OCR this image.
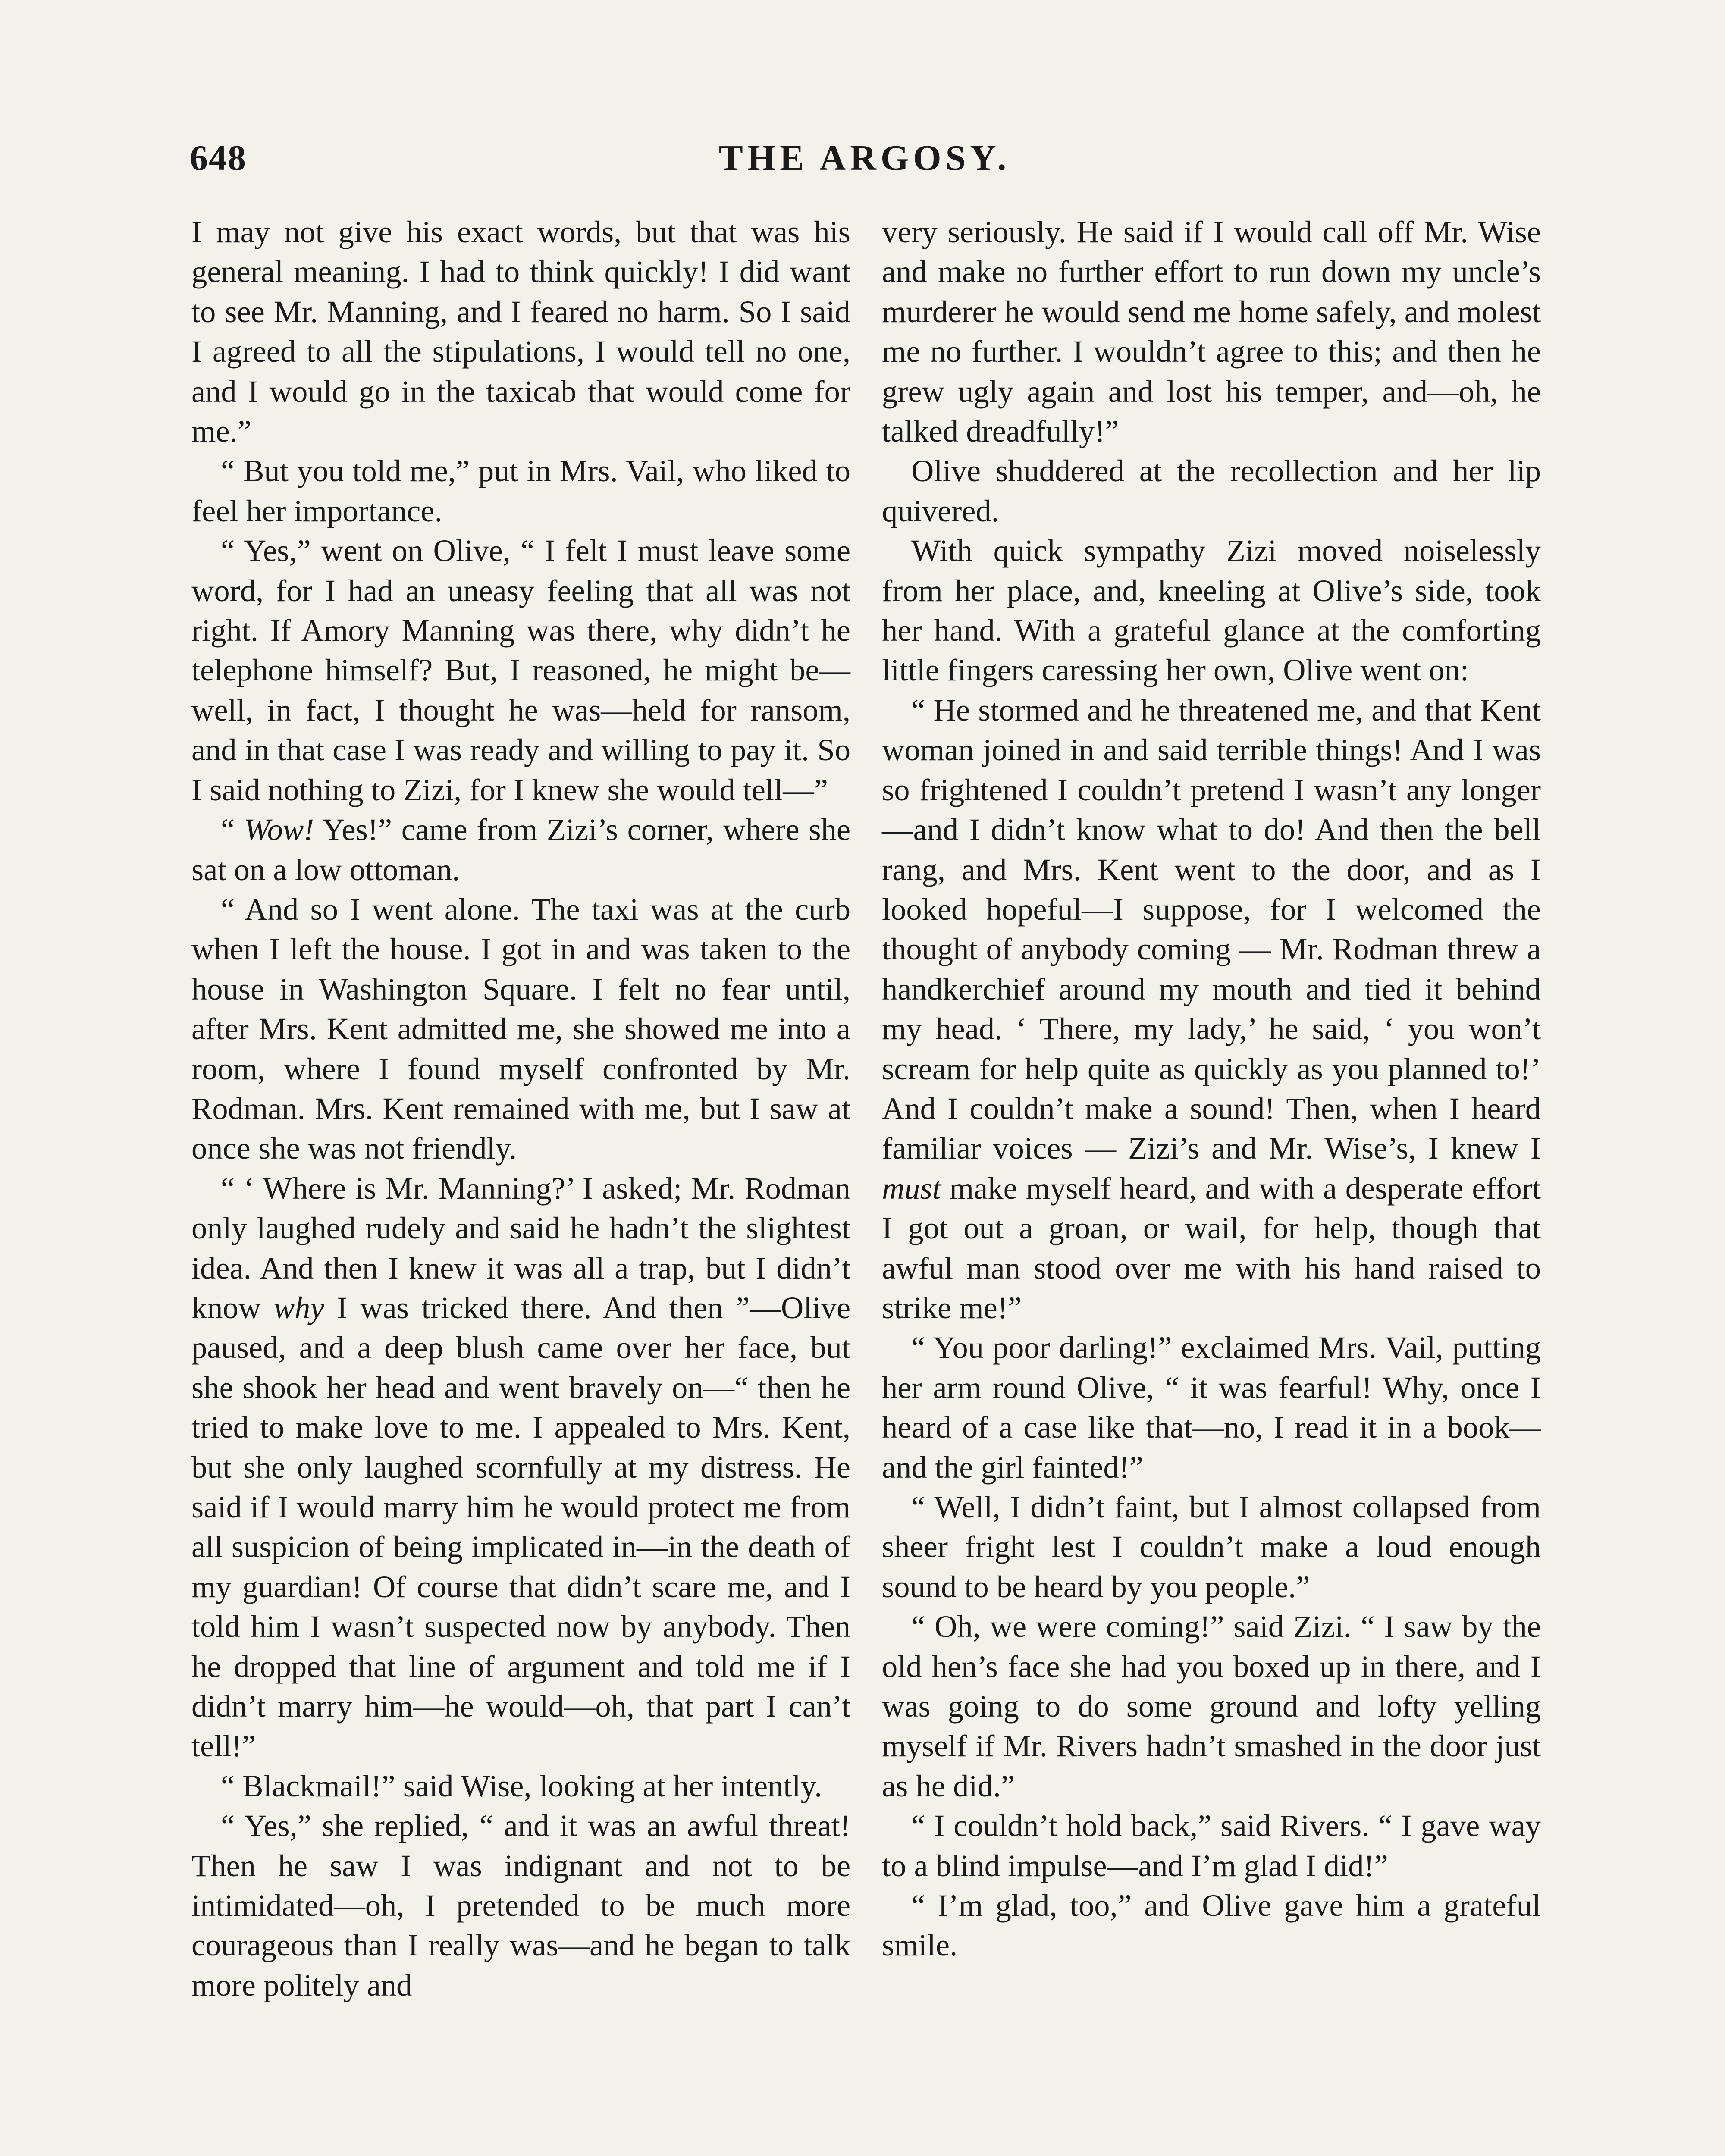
648	THE ARGOSY.

I may not give his exact words, but that was his general meaning. I had to think quickly! I did want to see Mr. Manning, and I feared no harm. So I said I agreed to all the stipulations, I would tell no one, and I would go in the taxicab that would come for me.”

“ But you told me,” put in Mrs. Vail, who liked to feel her importance.

“ Yes,” went on Olive, “ I felt I must leave some word, for I had an uneasy feeling that all was not right. If Amory Manning was there, why didn’t he telephone himself? But, I reasoned, he might be—well, in fact, I thought he was—held for ransom, and in that case I was ready and willing to pay it. So I said nothing to Zizi, for I knew she would tell—”

“ Wow! Yes!” came from Zizi’s corner, where she sat on a low ottoman.

“ And so I went alone. The taxi was at the curb when I left the house. I got in and was taken to the house in Washington Square. I felt no fear until, after Mrs. Kent admitted me, she showed me into a room, where I found myself confronted by Mr. Rodman. Mrs. Kent remained with me, but I saw at once she was not friendly.

“ ‘ Where is Mr. Manning?’ I asked; Mr. Rodman only laughed rudely and said he hadn’t the slightest idea. And then I knew it was all a trap, but I didn’t know why I was tricked there. And then ”—Olive paused, and a deep blush came over her face, but she shook her head and went bravely on—“ then he tried to make love to me. I appealed to Mrs. Kent, but she only laughed scornfully at my distress. He said if I would marry him he would protect me from all suspicion of being implicated in—in the death of my guardian! Of course that didn’t scare me, and I told him I wasn’t suspected now by anybody. Then he dropped that line of argument and told me if I didn’t marry him—he would—oh, that part I can’t tell!”

“ Blackmail!” said Wise, looking at her intently.

“ Yes,” she replied, “ and it was an awful threat! Then he saw I was indignant and not to be intimidated—oh, I pretended to be much more courageous than I really was—and he began to talk more politely and

very seriously. He said if I would call off Mr. Wise and make no further effort to run down my uncle’s murderer he would send me home safely, and molest me no further. I wouldn’t agree to this; and then he grew ugly again and lost his temper, and—oh, he talked dreadfully!”

Olive shuddered at the recollection and her lip quivered.

With quick sympathy Zizi moved noiselessly from her place, and, kneeling at Olive’s side, took her hand. With a grateful glance at the comforting little fingers caressing her own, Olive went on:

“ He stormed and he threatened me, and that Kent woman joined in and said terrible things! And I was so frightened I couldn’t pretend I wasn’t any longer—and I didn’t know what to do! And then the bell rang, and Mrs. Kent went to the door, and as I looked hopeful—I suppose, for I welcomed the thought of anybody coming — Mr. Rodman threw a handkerchief around my mouth and tied it behind my head. ‘ There, my lady,’ he said, ‘ you won’t scream for help quite as quickly as you planned to!’ And I couldn’t make a sound! Then, when I heard familiar voices — Zizi’s and Mr. Wise’s, I knew I must make myself heard, and with a desperate effort I got out a groan, or wail, for help, though that awful man stood over me with his hand raised to strike me!”

“ You poor darling!” exclaimed Mrs. Vail, putting her arm round Olive, “ it was fearful! Why, once I heard of a case like that—no, I read it in a book—and the girl fainted!”

“ Well, I didn’t faint, but I almost collapsed from sheer fright lest I couldn’t make a loud enough sound to be heard by you people.”

“ Oh, we were coming!” said Zizi. “ I saw by the old hen’s face she had you boxed up in there, and I was going to do some ground and lofty yelling myself if Mr. Rivers hadn’t smashed in the door just as he did.”

“ I couldn’t hold back,” said Rivers. “ I gave way to a blind impulse—and I’m glad I did!”

“ I’m glad, too,” and Olive gave him a grateful smile.
